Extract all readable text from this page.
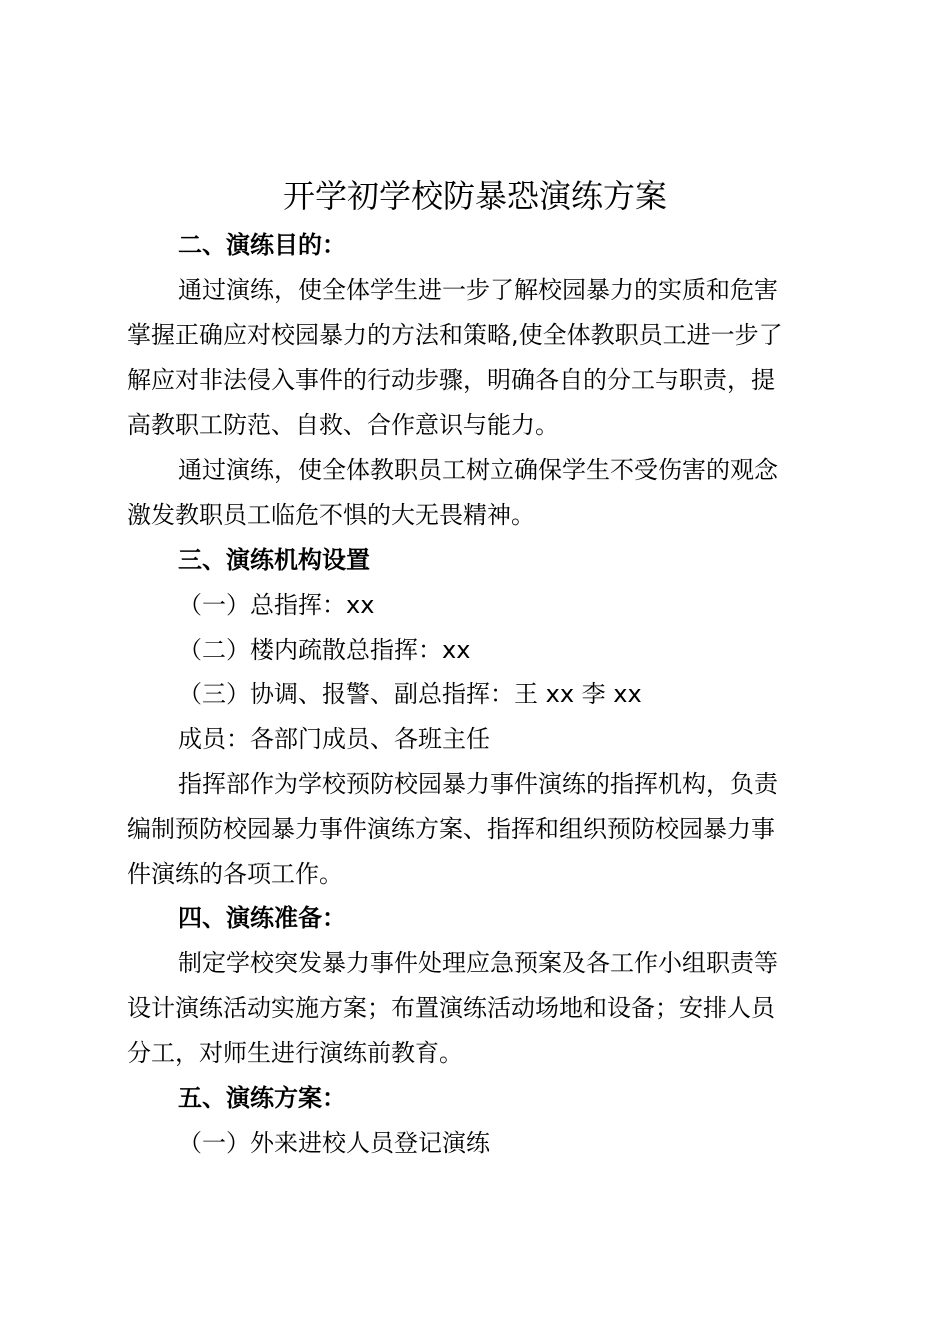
开学初学校防暴恐演练方案
二、演练目的：
通过演练，使全体学生进一步了解校园暴力的实质和危害
掌握正确应对校园暴力的方法和策略,使全体教职员工进一步了
解应对非法侵入事件的行动步骤，明确各自的分工与职责，提
高教职工防范、自救、合作意识与能力。
通过演练，使全体教职员工树立确保学生不受伤害的观念
激发教职员工临危不惧的大无畏精神。
三、演练机构设置
（一）总指挥：xx
（二）楼内疏散总指挥：xx
（三）协调、报警、副总指挥：王 xx 李 xx
成员：各部门成员、各班主任
指挥部作为学校预防校园暴力事件演练的指挥机构，负责
编制预防校园暴力事件演练方案、指挥和组织预防校园暴力事
件演练的各项工作。
四、演练准备：
制定学校突发暴力事件处理应急预案及各工作小组职责等
设计演练活动实施方案；布置演练活动场地和设备；安排人员
分工，对师生进行演练前教育。
五、演练方案：
（一）外来进校人员登记演练
